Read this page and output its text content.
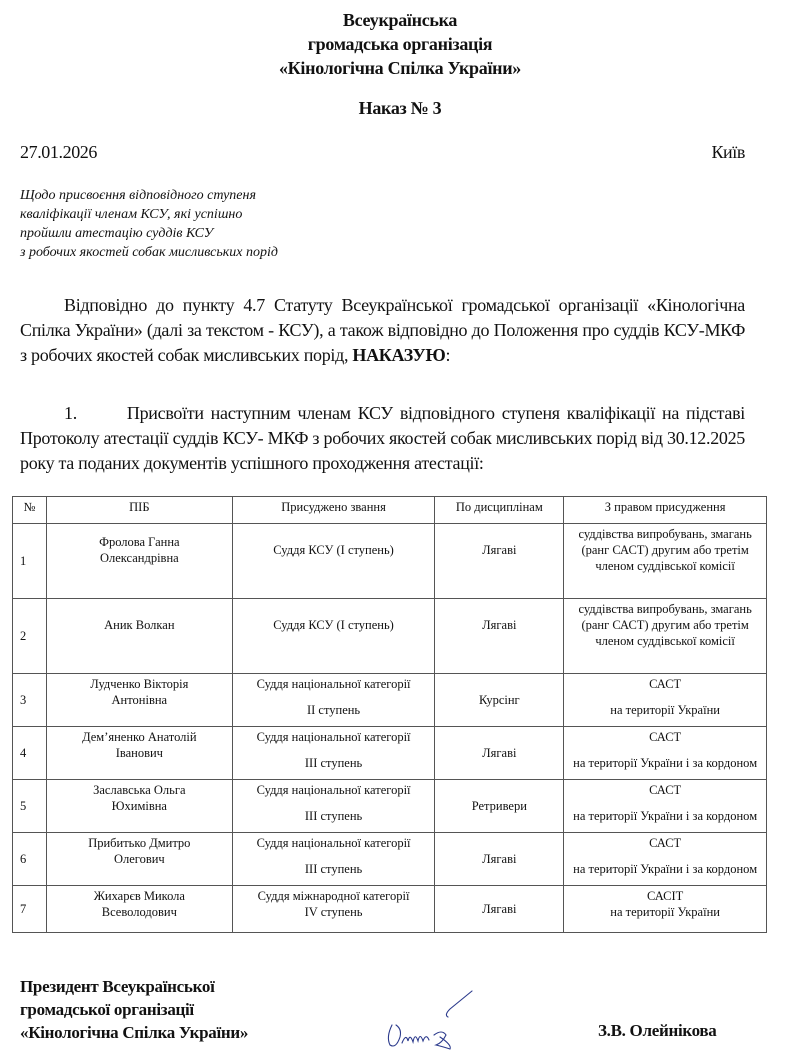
Всеукраїнська
громадська організація
«Кінологічна Спілка України»
Наказ № 3
27.01.2026	Київ
Щодо присвоєння відповідного ступеня
кваліфікації членам КСУ, які успішно
пройшли атестацію суддів КСУ
з робочих якостей собак мисливських порід
Відповідно до пункту 4.7 Статуту Всеукраїнської громадської організації «Кінологічна Спілка України» (далі за текстом - КСУ), а також відповідно до Положення про суддів КСУ-МКФ з робочих якостей собак мисливських порід, НАКАЗУЮ:
1.	Присвоїти наступним членам КСУ відповідного ступеня кваліфікації на підставі Протоколу атестації суддів КСУ- МКФ з робочих якостей собак мисливських порід від 30.12.2025 року та поданих документів успішного проходження атестації:
№	ПІБ	Присуджено звання	По дисциплінам	З правом присудження
1	Фролова Ганна
Олександрівна	Суддя КСУ (І ступень)	Лягаві	суддівства випробувань, змагань
(ранг САСТ) другим або третім
членом суддівської комісії

2	Аник Волкан	Суддя КСУ (І ступень)	Лягаві	суддівства випробувань, змагань
(ранг САСТ) другим або третім
членом суддівської комісії

3	Лудченко Вікторія
Антонівна	Суддя національної категорії
ІІ ступень	Курсінг	САСТ
на території України

4	Дем’яненко Анатолій
Іванович	Суддя національної категорії
ІІІ ступень	Лягаві	САСТ
на території України і за кордоном

5	Заславська Ольга
Юхимівна	Суддя національної категорії
ІІІ ступень	Ретривери	САСТ
на території України і за кордоном

6	Прибитько Дмитро
Олегович	Суддя національної категорії
ІІІ ступень	Лягаві	САСТ
на території України і за кордоном

7	Жихарєв Микола
Всеволодович	Суддя міжнародної категорії
IV ступень	Лягаві	САСІТ
на території України
Президент Всеукраїнської
громадської організації
«Кінологічна Спілка України»	З.В. Олейнікова
